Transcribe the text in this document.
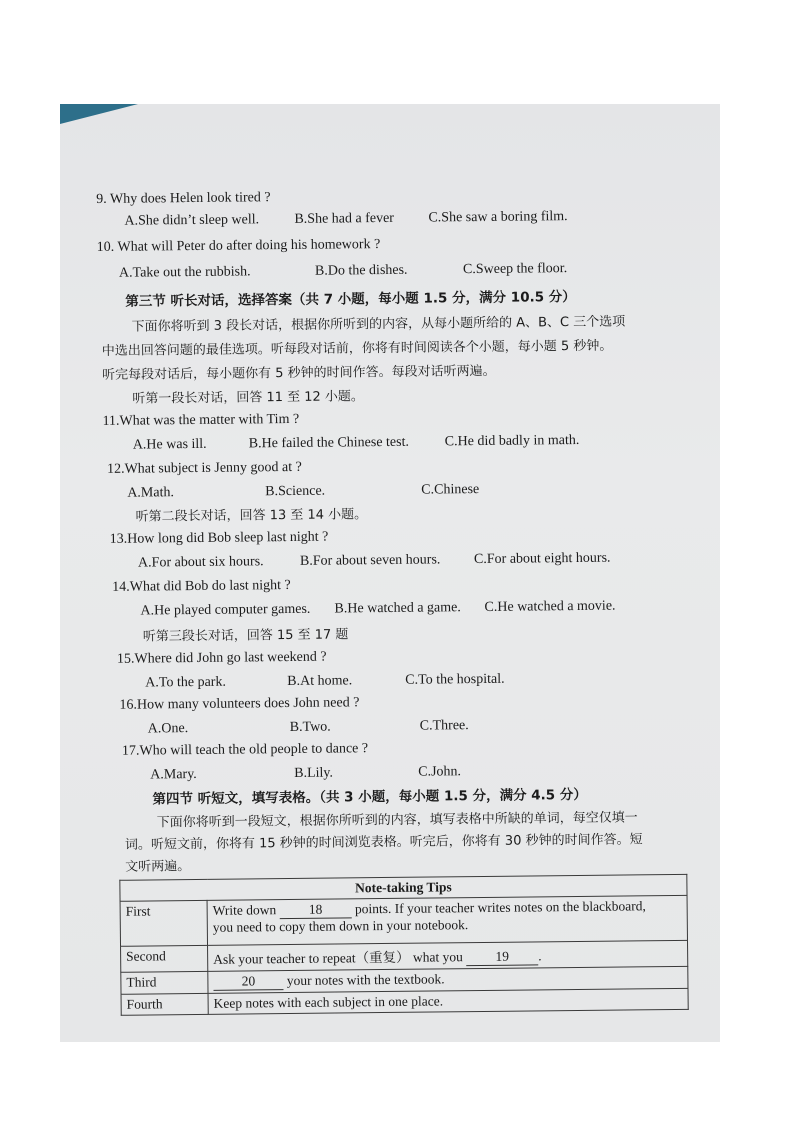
9. Why does Helen look tired ?
A.She didn’t sleep well.	B.She had a fever C.She saw a boring film.
10. What will Peter do after doing his homework ?
A.Take out the rubbish.	B.Do the dishes.	C.Sweep the floor.
第三节 听长对话，选择答案（共 7 小题，每小题 1.5 分，满分 10.5 分）
下面你将听到 3 段长对话，根据你所听到的内容，从每小题所给的 A、B、C 三个选项
中选出回答问题的最佳选项。听每段对话前，你将有时间阅读各个小题，每小题 5 秒钟。
听完每段对话后，每小题你有 5 秒钟的时间作答。每段对话听两遍。
听第一段长对话，回答 11 至 12 小题。
11.What was the matter with Tim ?
A.He was ill.	B.He failed the Chinese test.	C.He did badly in math.
12.What subject is Jenny good at ?
A.Math.	B.Science.	C.Chinese
听第二段长对话，回答 13 至 14 小题。
13.How long did Bob sleep last night ?
A.For about six hours.	B.For about seven hours. C.For about eight hours.
14.What did Bob do last night ?
A.He played computer games. B.He watched a game. C.He watched a movie.
听第三段长对话，回答 15 至 17 题
15.Where did John go last weekend ?
A.To the park.	B.At home.	C.To the hospital.
16.How many volunteers does John need ?
A.One.	B.Two.	C.Three.
17.Who will teach the old people to dance ?
A.Mary.	B.Lily.	C.John.
第四节 听短文，填写表格。（共 3 小题，每小题 1.5 分，满分 4.5 分）
下面你将听到一段短文，根据你所听到的内容，填写表格中所缺的单词，每空仅填一
词。听短文前，你将有 15 秒钟的时间浏览表格。听完后，你将有 30 秒钟的时间作答。短
文听两遍。
Note-taking Tips	
First	Write down 18 points. If your teacher writes notes on the blackboard,
you need to copy them down in your notebook.
Second	Ask your teacher to repeat（重复） what you 19 .
Third	20 your notes with the textbook.
Fourth	Keep notes with each subject in one place.
